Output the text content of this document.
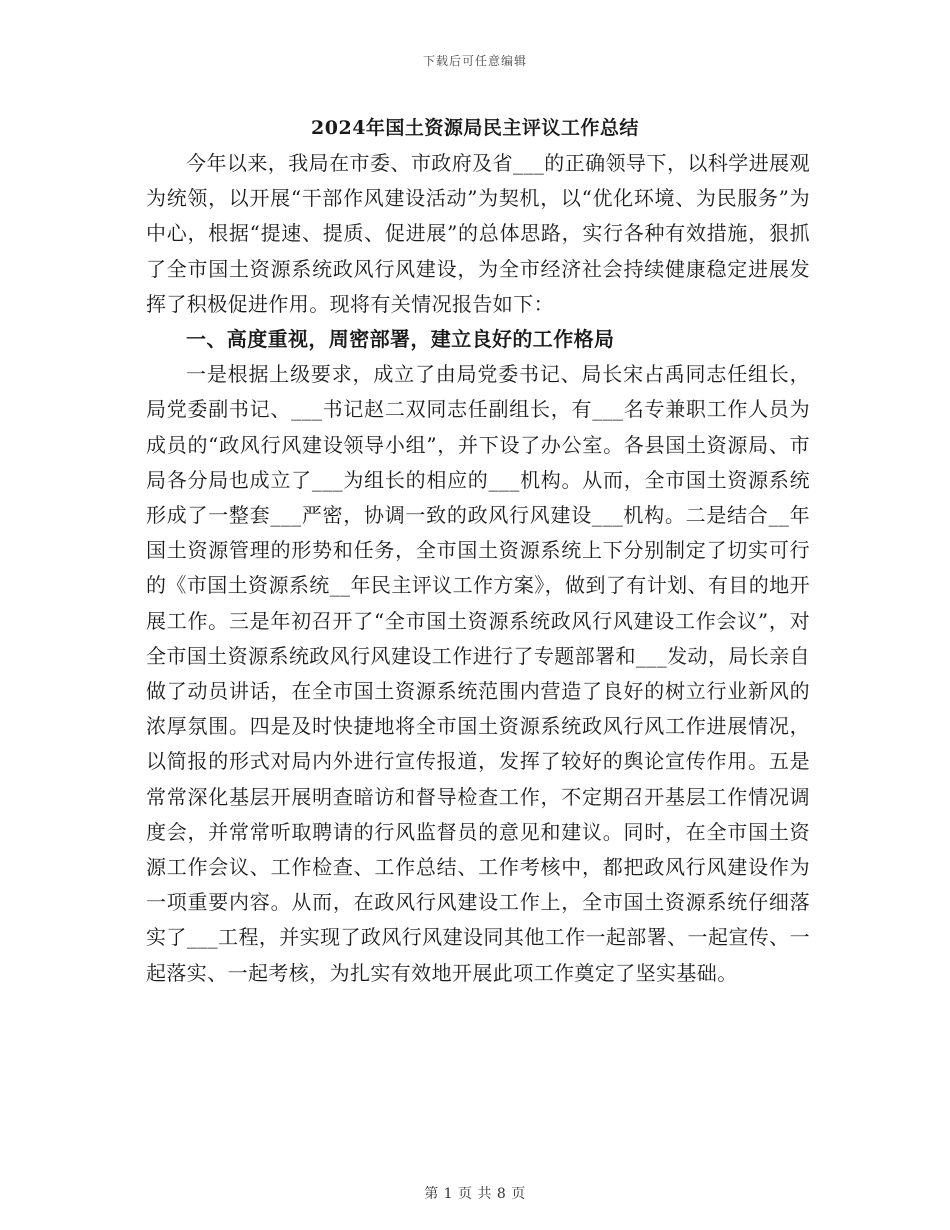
下载后可任意编辑
2024年国土资源局民主评议工作总结

今年以来，我局在市委、市政府及省___的正确领导下，以科学进展观为统领，以开展“干部作风建设活动”为契机，以“优化环境、为民服务”为中心，根据“提速、提质、促进展”的总体思路，实行各种有效措施，狠抓了全市国土资源系统政风行风建设，为全市经济社会持续健康稳定进展发挥了积极促进作用。现将有关情况报告如下：

一、高度重视，周密部署，建立良好的工作格局

一是根据上级要求，成立了由局党委书记、局长宋占禹同志任组长，局党委副书记、___书记赵二双同志任副组长，有___名专兼职工作人员为成员的“政风行风建设领导小组”，并下设了办公室。各县国土资源局、市局各分局也成立了___为组长的相应的___机构。从而，全市国土资源系统形成了一整套___严密，协调一致的政风行风建设___机构。二是结合__年国土资源管理的形势和任务，全市国土资源系统上下分别制定了切实可行的《市国土资源系统__年民主评议工作方案》，做到了有计划、有目的地开展工作。三是年初召开了“全市国土资源系统政风行风建设工作会议”，对全市国土资源系统政风行风建设工作进行了专题部署和___发动，局长亲自做了动员讲话，在全市国土资源系统范围内营造了良好的树立行业新风的浓厚氛围。四是及时快捷地将全市国土资源系统政风行风工作进展情况，以简报的形式对局内外进行宣传报道，发挥了较好的舆论宣传作用。五是常常深化基层开展明查暗访和督导检查工作，不定期召开基层工作情况调度会，并常常听取聘请的行风监督员的意见和建议。同时，在全市国土资源工作会议、工作检查、工作总结、工作考核中，都把政风行风建设作为一项重要内容。从而，在政风行风建设工作上，全市国土资源系统仔细落实了___工程，并实现了政风行风建设同其他工作一起部署、一起宣传、一起落实、一起考核，为扎实有效地开展此项工作奠定了坚实基础。

第 1 页 共 8 页
